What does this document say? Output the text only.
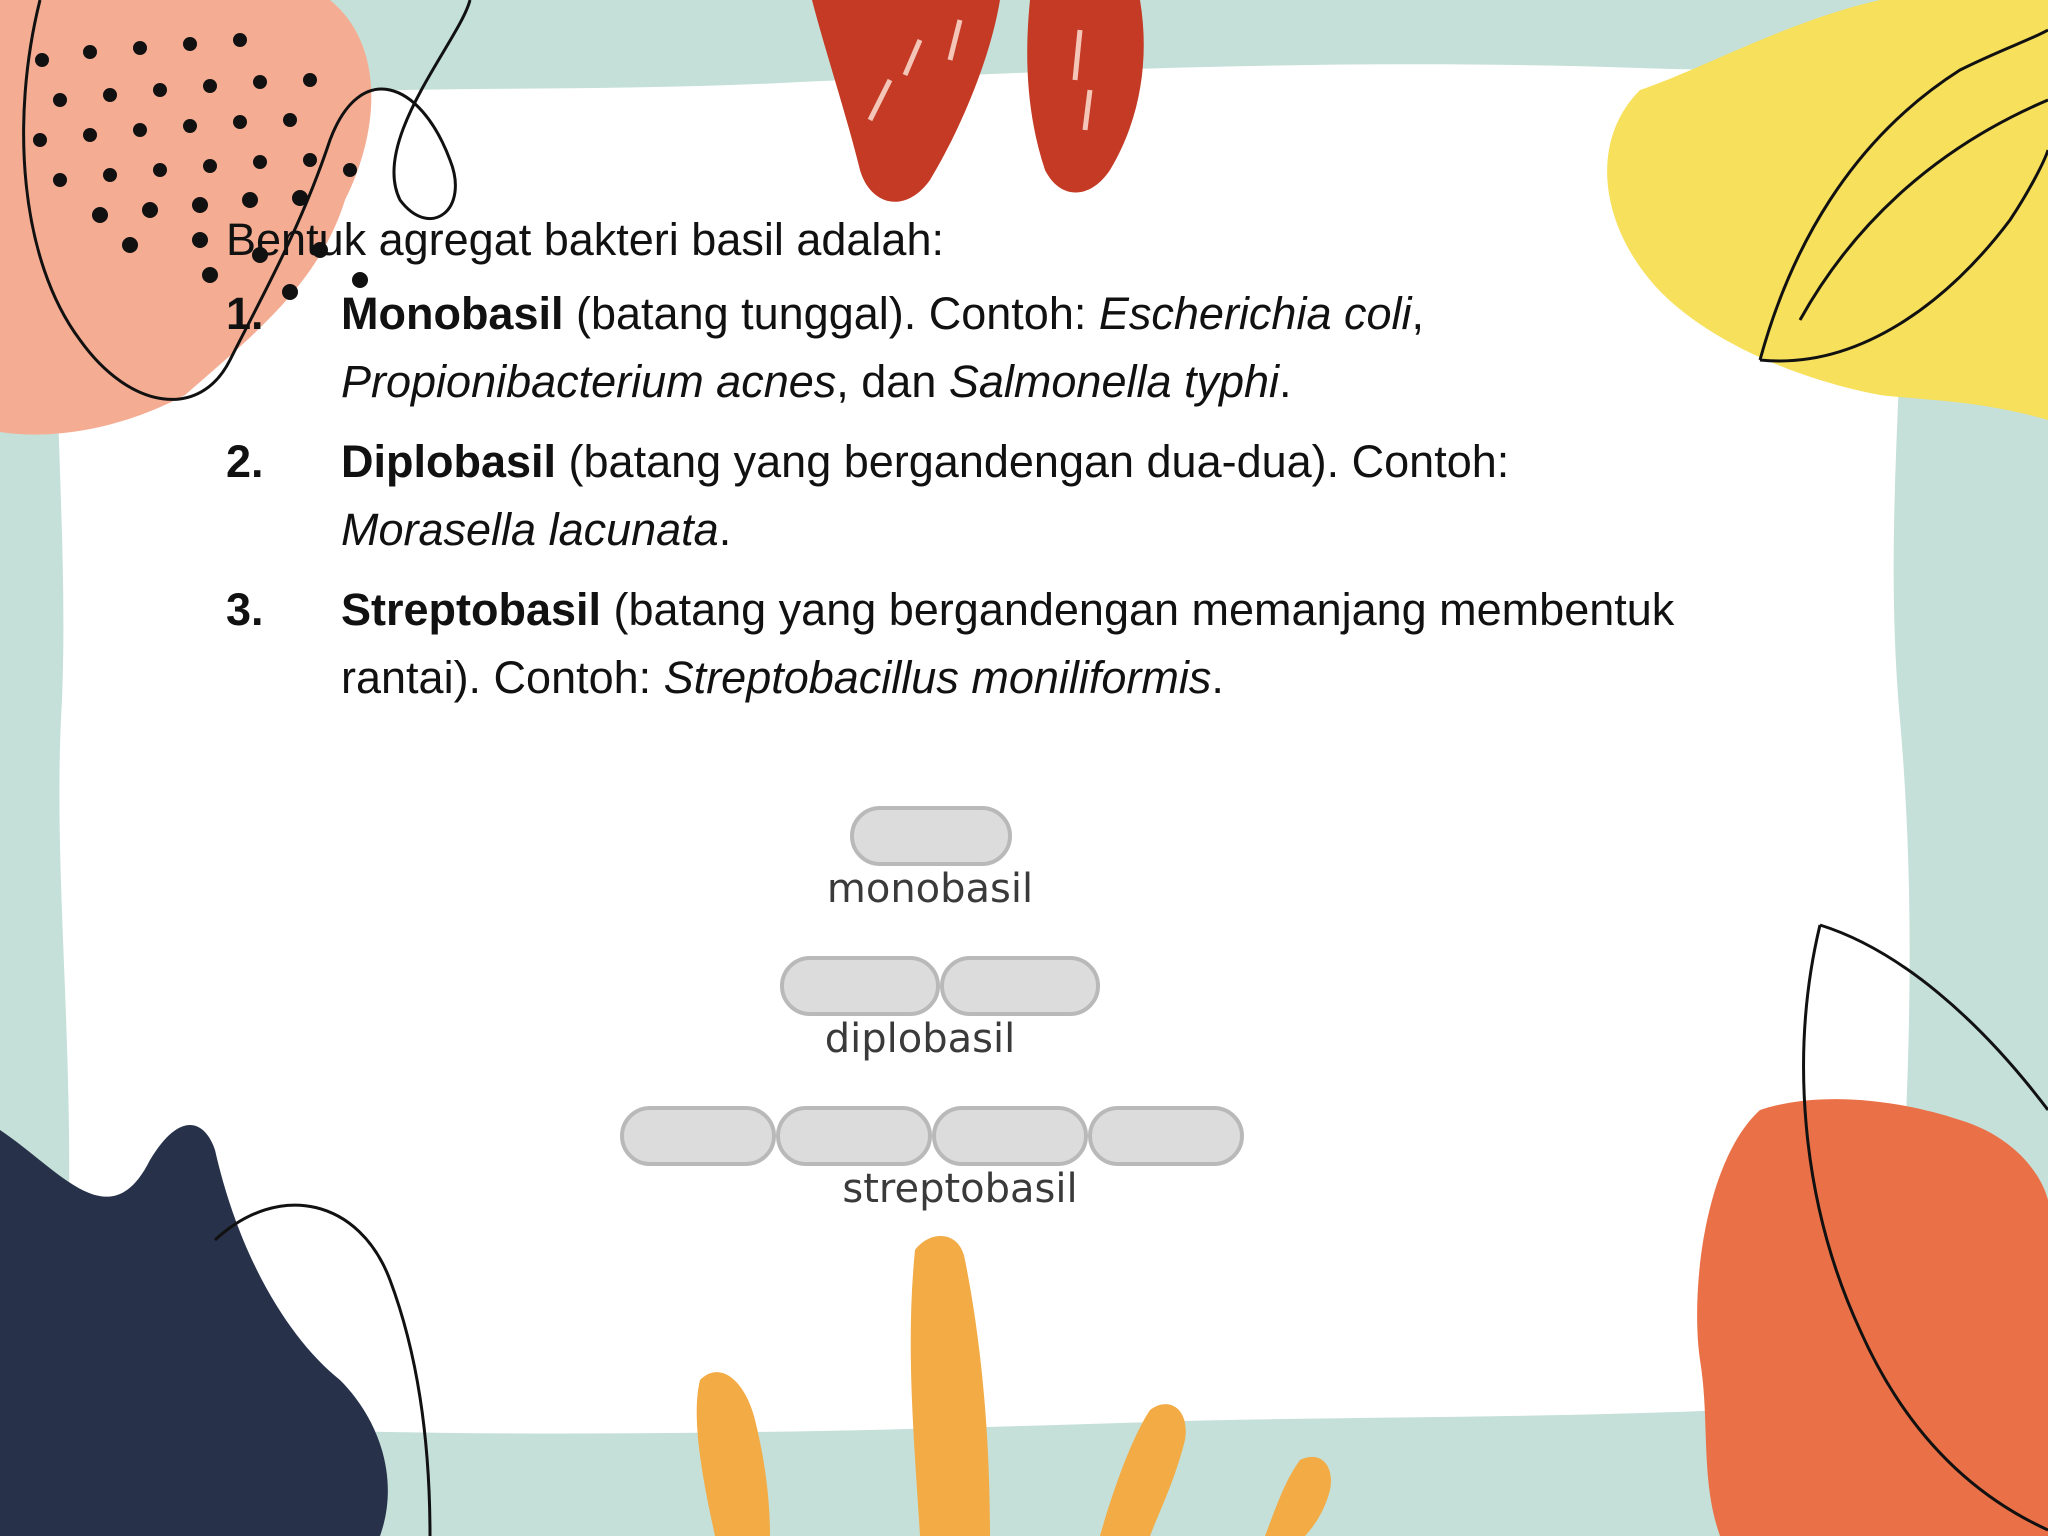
Bentuk agregat bakteri basil adalah:

1. Monobasil (batang tunggal). Contoh: Escherichia coli,
Propionibacterium acnes, dan Salmonella typhi.
2. Diplobasil (batang yang bergandengan dua-dua). Contoh:
Morasella lacunata.
3. Streptobasil (batang yang bergandengan memanjang membentuk rantai). Contoh: Streptobacillus moniliformis.
monobasil
diplobasil
streptobasil
